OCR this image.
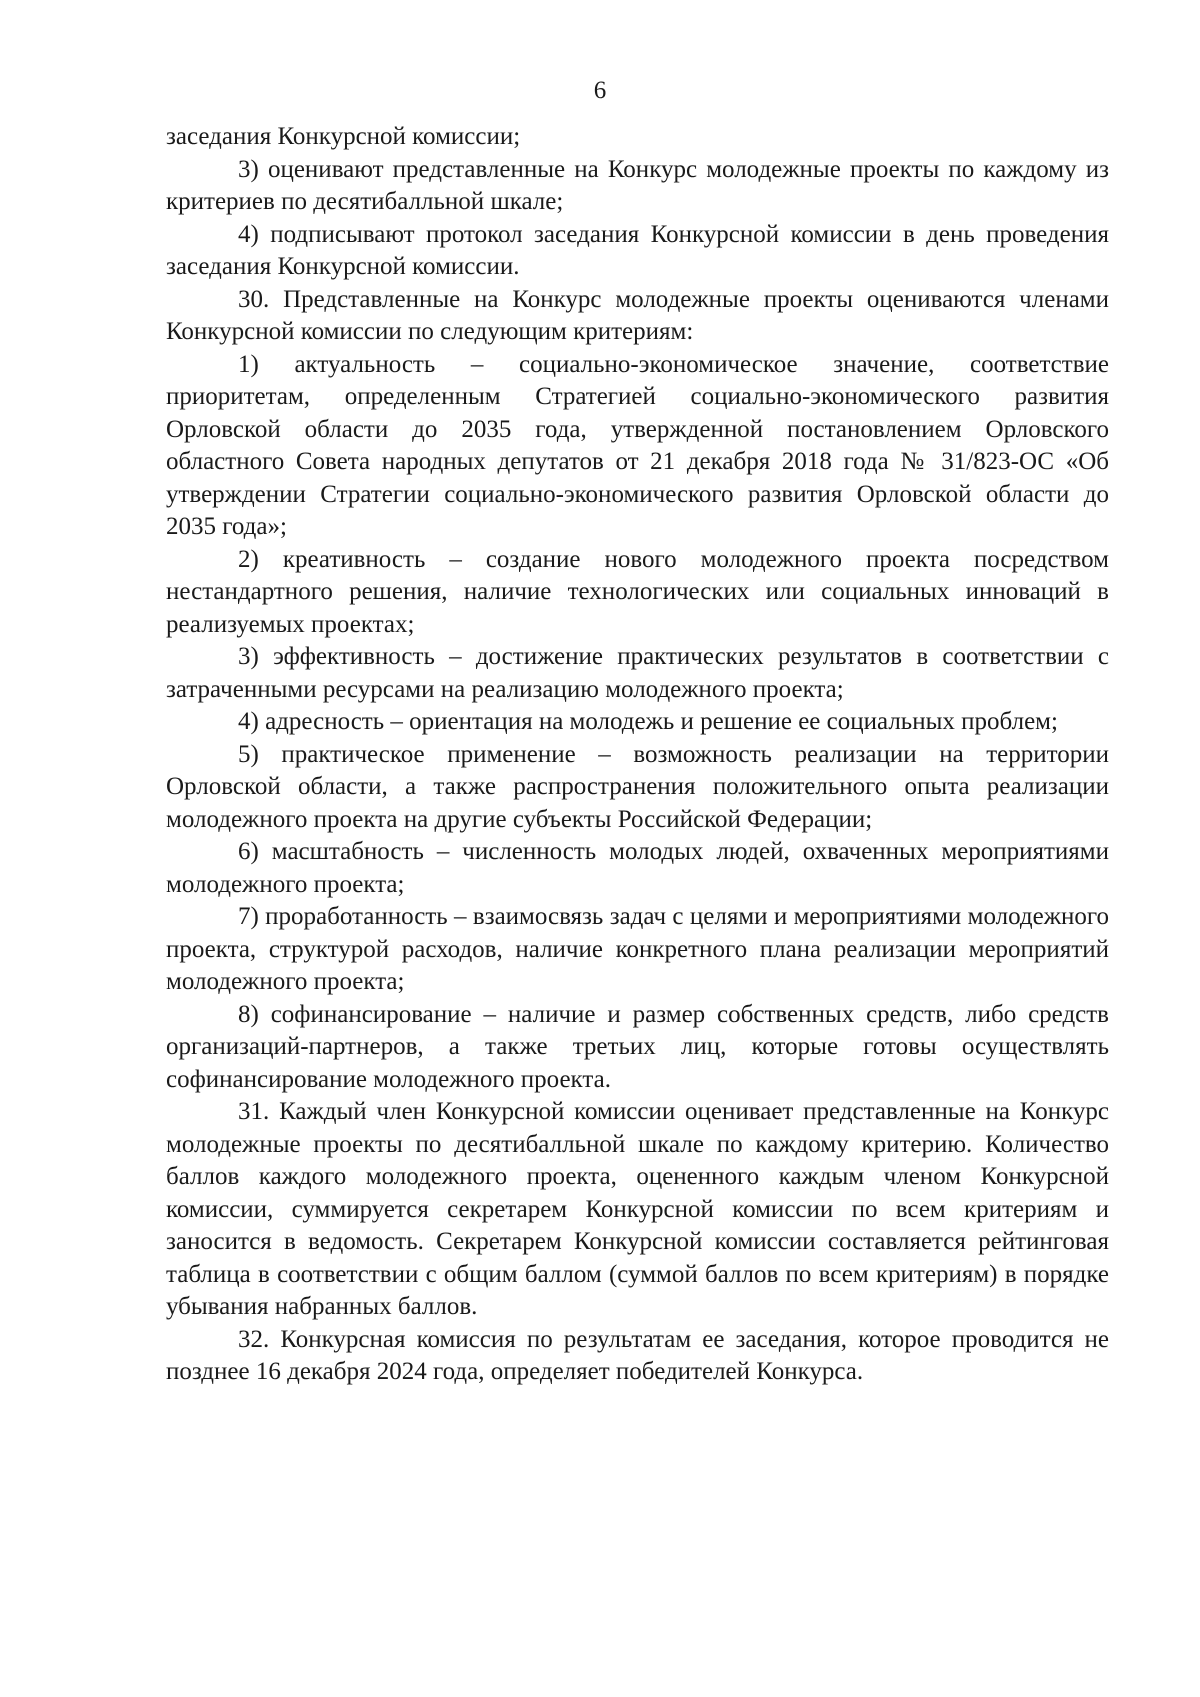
6

заседания Конкурсной комиссии;

3) оценивают представленные на Конкурс молодежные проекты по каждому из критериев по десятибалльной шкале;

4) подписывают протокол заседания Конкурсной комиссии в день проведения заседания Конкурсной комиссии.

30. Представленные на Конкурс молодежные проекты оцениваются членами Конкурсной комиссии по следующим критериям:

1) актуальность – социально-экономическое значение, соответствие приоритетам, определенным Стратегией социально-экономического развития Орловской области до 2035 года, утвержденной постановлением Орловского областного Совета народных депутатов от 21 декабря 2018 года № 31/823-ОС «Об утверждении Стратегии социально-экономического развития Орловской области до 2035 года»;

2) креативность – создание нового молодежного проекта посредством нестандартного решения, наличие технологических или социальных инноваций в реализуемых проектах;

3) эффективность – достижение практических результатов в соответствии с затраченными ресурсами на реализацию молодежного проекта;

4) адресность – ориентация на молодежь и решение ее социальных проблем;

5) практическое применение – возможность реализации на территории Орловской области, а также распространения положительного опыта реализации молодежного проекта на другие субъекты Российской Федерации;

6) масштабность – численность молодых людей, охваченных мероприятиями молодежного проекта;

7) проработанность – взаимосвязь задач с целями и мероприятиями молодежного проекта, структурой расходов, наличие конкретного плана реализации мероприятий молодежного проекта;

8) софинансирование – наличие и размер собственных средств, либо средств организаций-партнеров, а также третьих лиц, которые готовы осуществлять софинансирование молодежного проекта.

31. Каждый член Конкурсной комиссии оценивает представленные на Конкурс молодежные проекты по десятибалльной шкале по каждому критерию. Количество баллов каждого молодежного проекта, оцененного каждым членом Конкурсной комиссии, суммируется секретарем Конкурсной комиссии по всем критериям и заносится в ведомость. Секретарем Конкурсной комиссии составляется рейтинговая таблица в соответствии с общим баллом (суммой баллов по всем критериям) в порядке убывания набранных баллов.

32. Конкурсная комиссия по результатам ее заседания, которое проводится не позднее 16 декабря 2024 года, определяет победителей Конкурса.
